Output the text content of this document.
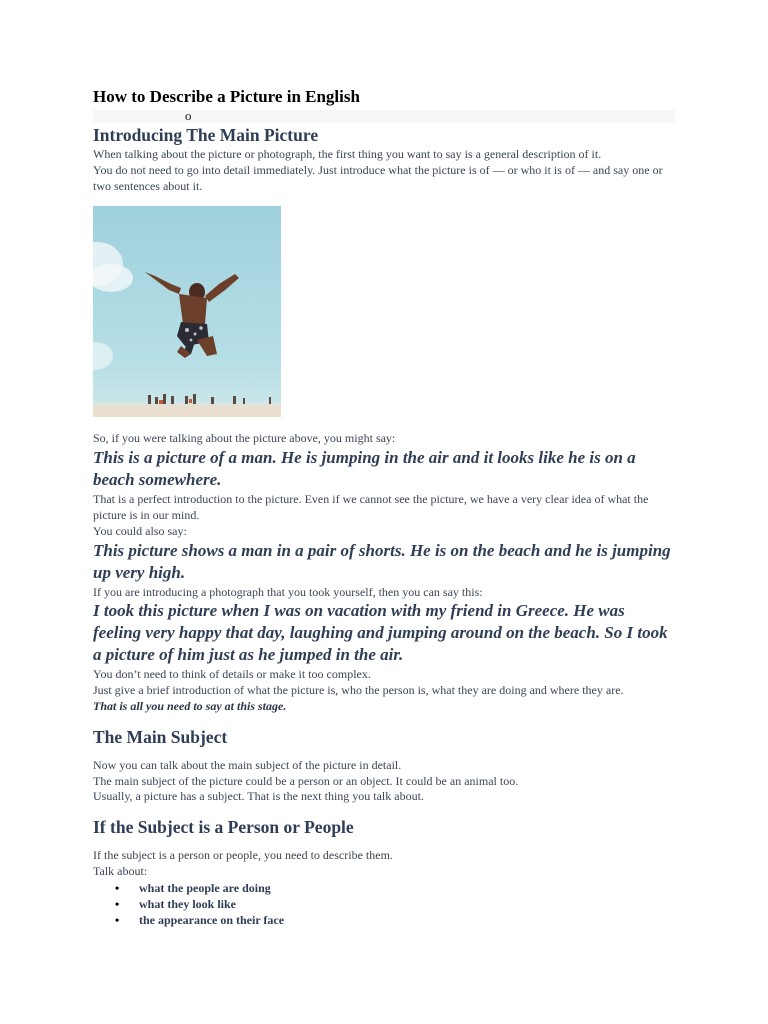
How to Describe a Picture in English
o
Introducing The Main Picture

When talking about the picture or photograph, the first thing you want to say is a general description of it.

You do not need to go into detail immediately. Just introduce what the picture is of — or who it is of — and say one or two sentences about it.

So, if you were talking about the picture above, you might say:

This is a picture of a man. He is jumping in the air and it looks like he is on a beach somewhere.

That is a perfect introduction to the picture. Even if we cannot see the picture, we have a very clear idea of what the picture is in our mind.

You could also say:

This picture shows a man in a pair of shorts. He is on the beach and he is jumping up very high.

If you are introducing a photograph that you took yourself, then you can say this:

I took this picture when I was on vacation with my friend in Greece. He was feeling very happy that day, laughing and jumping around on the beach. So I took a picture of him just as he jumped in the air.

You don’t need to think of details or make it too complex.

Just give a brief introduction of what the picture is, who the person is, what they are doing and where they are.

That is all you need to say at this stage.

The Main Subject

Now you can talk about the main subject of the picture in detail.

The main subject of the picture could be a person or an object. It could be an animal too.

Usually, a picture has a subject. That is the next thing you talk about.

If the Subject is a Person or People

If the subject is a person or people, you need to describe them.

Talk about:

• what the people are doing
• what they look like
• the appearance on their face
